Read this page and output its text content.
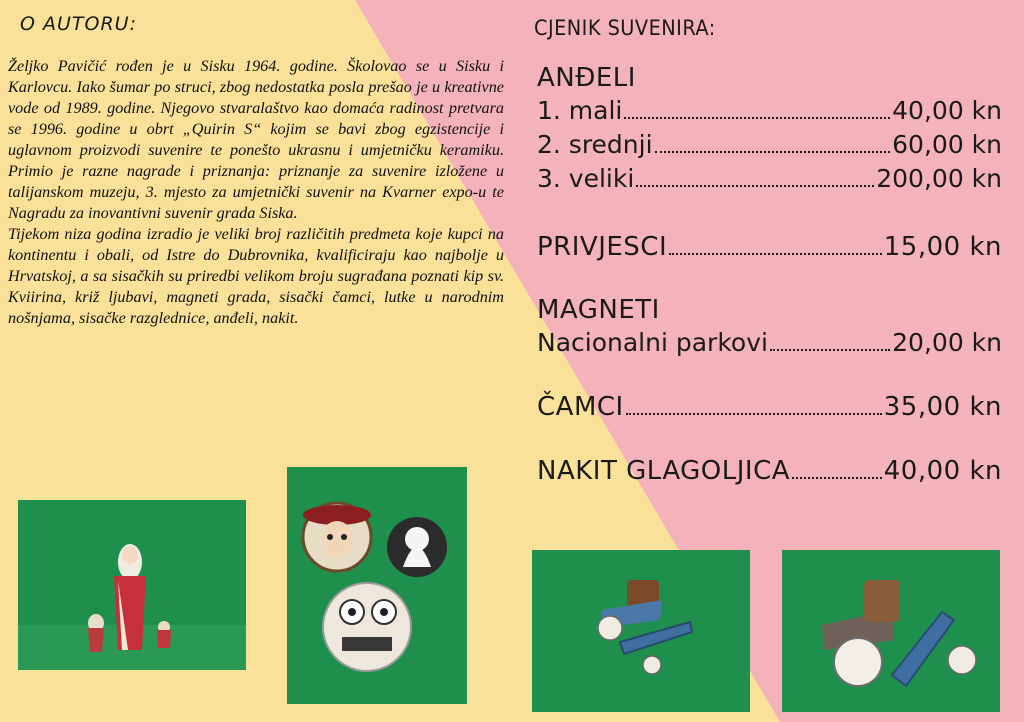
O AUTORU:

Željko Pavičić rođen je u Sisku 1964. godine. Školovao se u Sisku i Karlovcu. Iako šumar po struci, zbog nedostatka posla prešao je u kreativne vode od 1989. godine. Njegovo stvaralaštvo kao domaća radinost pretvara se 1996. godine u obrt „Quirin S“ kojim se bavi zbog egzistencije i uglavnom proizvodi suvenire te ponešto ukrasnu i umjetničku keramiku. Primio je razne nagrade i priznanja: priznanje za suvenire izložene u talijanskom muzeju, 3. mjesto za umjetnički suvenir na Kvarner expo-u te Nagradu za inovantivni suvenir grada Siska.

Tijekom niza godina izradio je veliki broj različitih predmeta koje kupci na kontinentu i obali, od Istre do Dubrovnika, kvalificiraju kao najbolje u Hrvatskoj, a sa sisačkih su priredbi velikom broju sugrađana poznati kip sv. Kviirina, križ ljubavi, magneti grada, sisački čamci, lutke u narodnim nošnjama, sisačke razglednice, anđeli, nakit.

CJENIK SUVENIRA:
ANĐELI
1. mali	40,00 kn
2. srednji	60,00 kn
3. veliki	200,00 kn
PRIVJESCI	15,00 kn
MAGNETI
Nacionalni parkovi	20,00 kn
ČAMCI	35,00 kn
NAKIT GLAGOLJICA	40,00 kn
